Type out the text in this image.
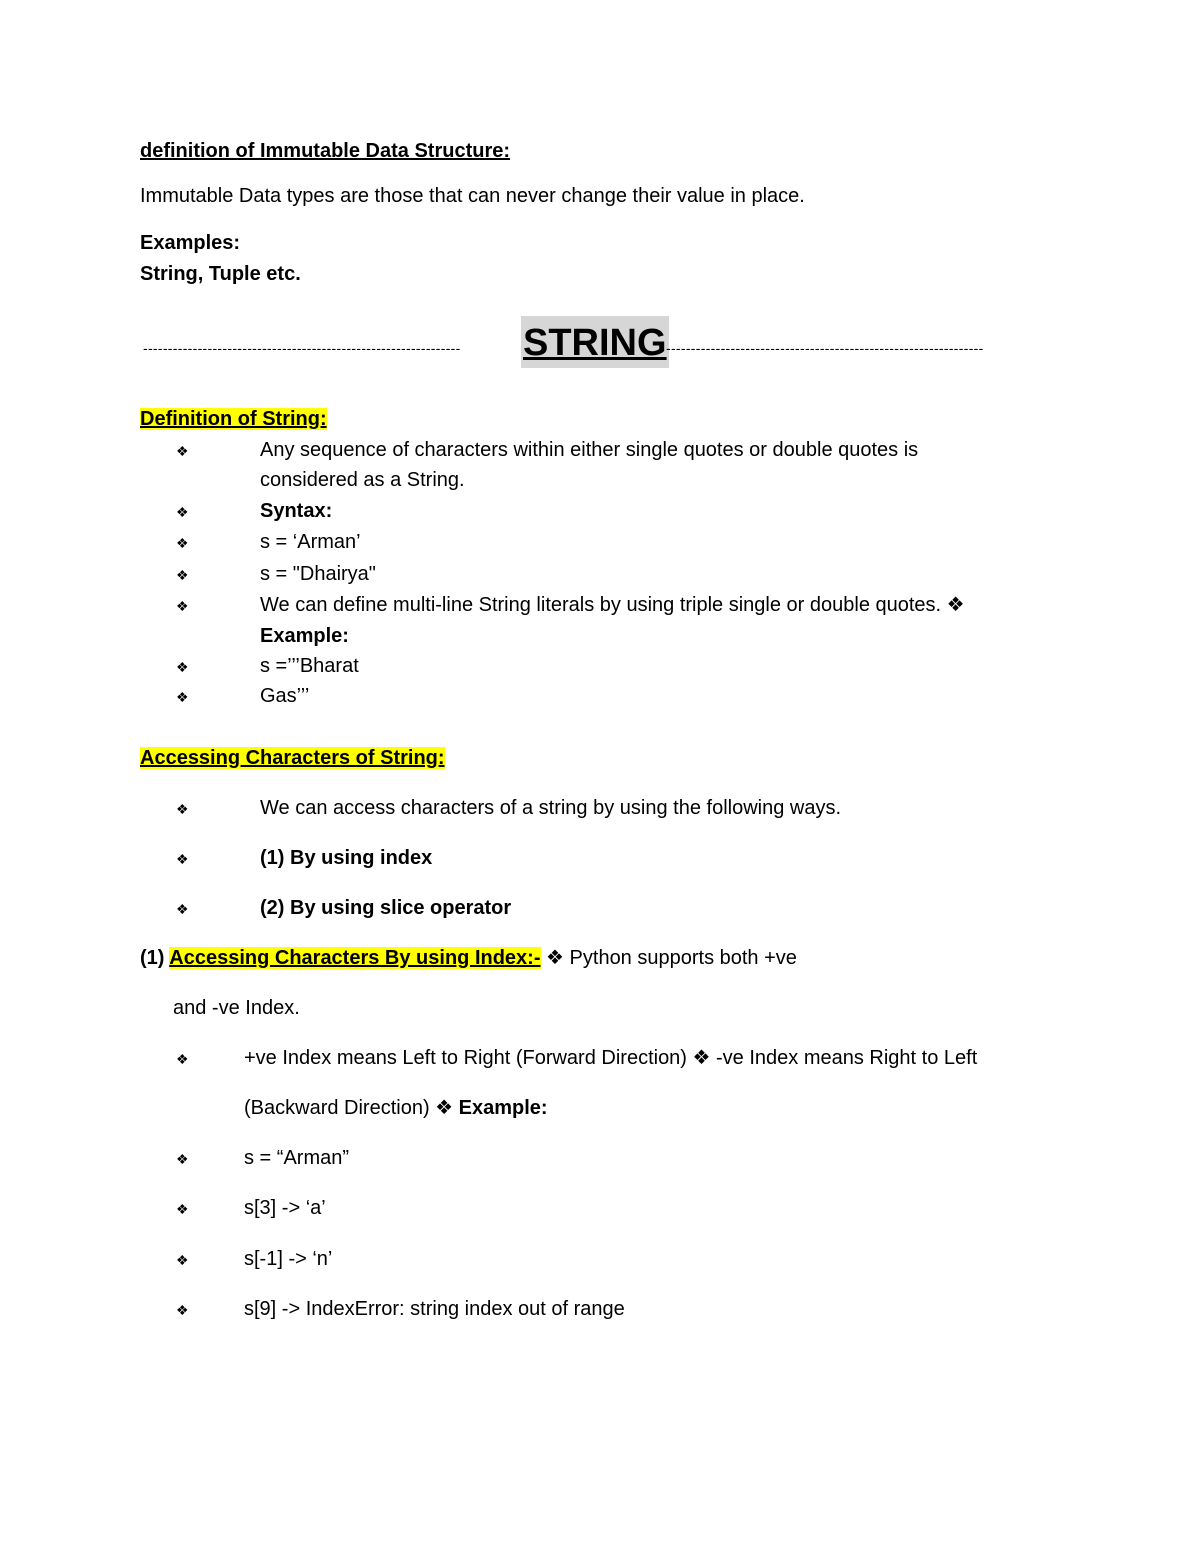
definition of Immutable Data Structure:
Immutable Data types are those that can never change their value in place.
Examples:
String, Tuple etc.
----------------------------------------------------------------	STRING ----------------------------------------------------------------
Definition of String:
❖	Any sequence of characters within either single quotes or double quotes is
considered as a String.
❖	Syntax:
❖	s = ‘Arman’
❖	s = "Dhairya"
❖	We can define multi-line String literals by using triple single or double quotes. ❖
Example:
❖	s =’’’Bharat
❖	Gas’’’
Accessing Characters of String:
❖	We can access characters of a string by using the following ways.
❖	(1) By using index
❖	(2) By using slice operator
(1) Accessing Characters By using Index:- ❖ Python supports both +ve
and -ve Index.
❖	+ve Index means Left to Right (Forward Direction) ❖ -ve Index means Right to Left
(Backward Direction) ❖ Example:
❖	s = “Arman”
❖	s[3] -> ‘a’
❖	s[-1] -> ‘n’
❖	s[9] -> IndexError: string index out of range
